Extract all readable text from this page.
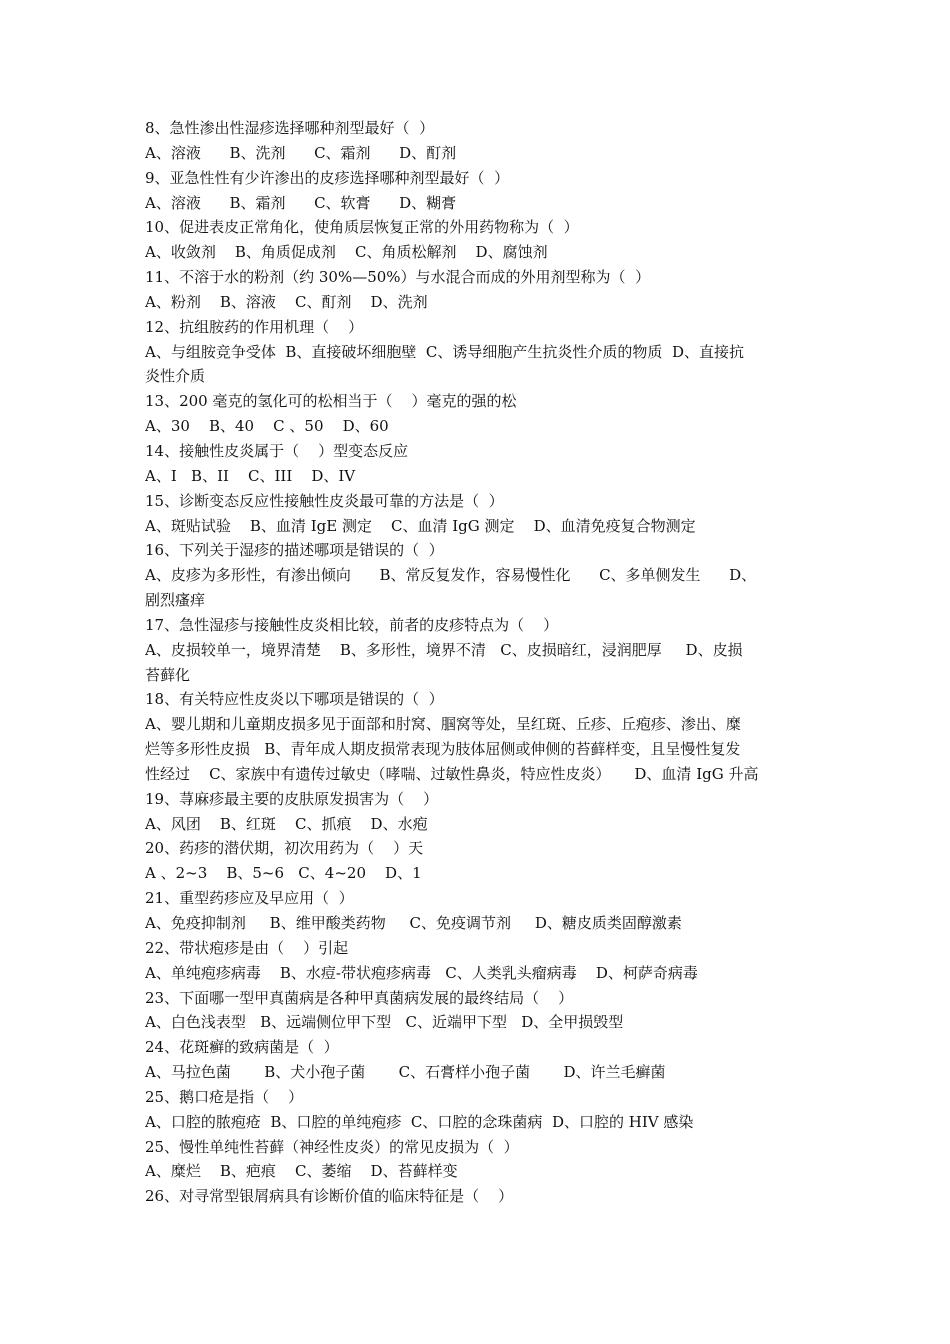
8、急性渗出性湿疹选择哪种剂型最好（  ）
A、溶液      B、洗剂      C、霜剂      D、酊剂
9、亚急性性有少许渗出的皮疹选择哪种剂型最好（  ）
A、溶液      B、霜剂      C、软膏      D、糊膏
10、促进表皮正常角化，使角质层恢复正常的外用药物称为（  ）
A、收敛剂    B、角质促成剂    C、角质松解剂    D、腐蚀剂
11、不溶于水的粉剂（约 30%—50%）与水混合而成的外用剂型称为（  ）
A、粉剂    B、溶液    C、酊剂    D、洗剂
12、抗组胺药的作用机理（    ）
A、与组胺竞争受体  B、直接破坏细胞壁  C、诱导细胞产生抗炎性介质的物质  D、直接抗
炎性介质
13、200 毫克的氢化可的松相当于（    ）毫克的强的松
A、30    B、40    C 、50    D、60
14、接触性皮炎属于（    ）型变态反应
A、I   B、II    C、III    D、IV
15、诊断变态反应性接触性皮炎最可靠的方法是（  ）
A、斑贴试验    B、血清 IgE 测定    C、血清 IgG 测定    D、血清免疫复合物测定
16、下列关于湿疹的描述哪项是错误的（  ）
A、皮疹为多形性，有渗出倾向      B、常反复发作，容易慢性化      C、多单侧发生      D、
剧烈瘙痒
17、急性湿疹与接触性皮炎相比较，前者的皮疹特点为（    ）
A、皮损较单一，境界清楚    B、多形性，境界不清   C、皮损暗红，浸润肥厚     D、皮损
苔藓化
18、有关特应性皮炎以下哪项是错误的（  ）
A、婴儿期和儿童期皮损多见于面部和肘窝、腘窝等处，呈红斑、丘疹、丘疱疹、渗出、糜
烂等多形性皮损   B、青年成人期皮损常表现为肢体屈侧或伸侧的苔藓样变，且呈慢性复发
性经过    C、家族中有遗传过敏史（哮喘、过敏性鼻炎，特应性皮炎）     D、血清 IgG 升高
19、荨麻疹最主要的皮肤原发损害为（    ）
A、风团    B、红斑    C、抓痕    D、水疱
20、药疹的潜伏期，初次用药为（    ）天
A 、2~3    B、5~6   C、4~20    D、1
21、重型药疹应及早应用（  ）
A、免疫抑制剂     B、维甲酸类药物     C、免疫调节剂     D、糖皮质类固醇激素
22、带状疱疹是由（    ）引起
A、单纯疱疹病毒    B、水痘-带状疱疹病毒   C、人类乳头瘤病毒    D、柯萨奇病毒
23、下面哪一型甲真菌病是各种甲真菌病发展的最终结局（    ）
A、白色浅表型   B、远端侧位甲下型   C、近端甲下型   D、全甲损毁型
24、花斑癣的致病菌是（  ）
A、马拉色菌       B、犬小孢子菌       C、石膏样小孢子菌       D、许兰毛癣菌
25、鹅口疮是指（    ）
A、口腔的脓疱疮  B、口腔的单纯疱疹  C、口腔的念珠菌病  D、口腔的 HIV 感染
25、慢性单纯性苔藓（神经性皮炎）的常见皮损为（  ）
A、糜烂    B、疤痕    C、萎缩    D、苔藓样变
26、对寻常型银屑病具有诊断价值的临床特征是（    ）
